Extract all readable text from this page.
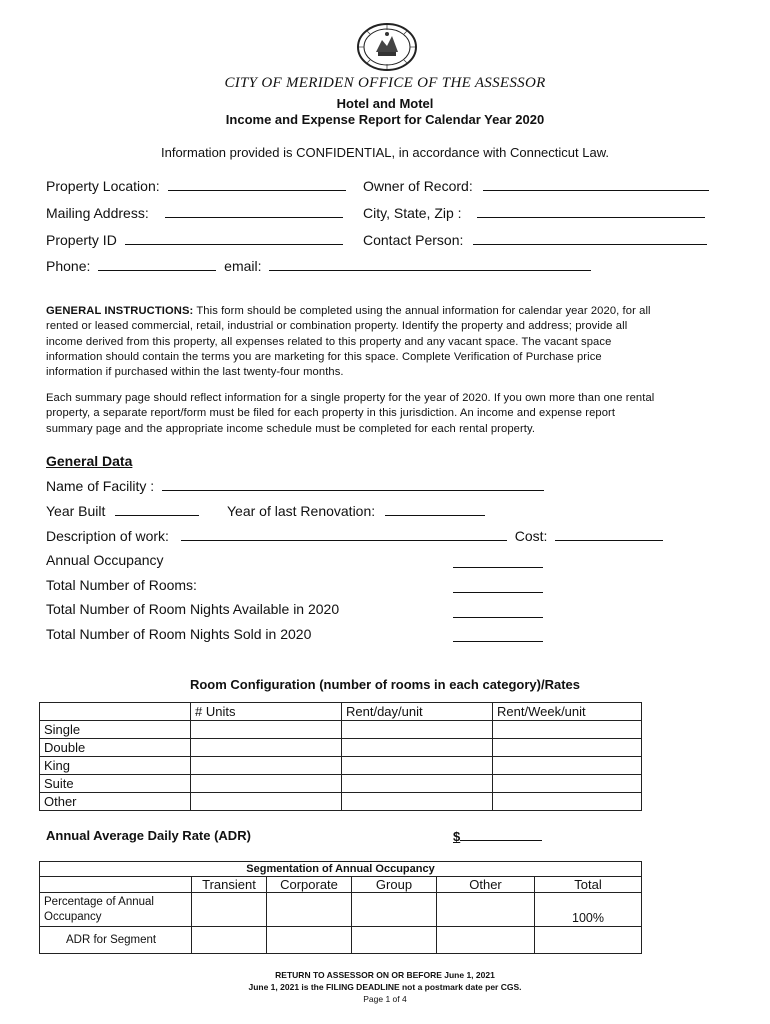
CITY OF MERIDEN OFFICE OF THE ASSESSOR
Hotel and Motel
Income and Expense Report for Calendar Year 2020
Information provided is CONFIDENTIAL, in accordance with Connecticut Law.
Property Location:	Owner of Record:
Mailing Address:	City, State, Zip :
Property ID	Contact Person:
Phone:	email:
GENERAL INSTRUCTIONS: This form should be completed using the annual information for calendar year 2020, for all
rented or leased commercial, retail, industrial or combination property. Identify the property and address; provide all
income derived from this property, all expenses related to this property and any vacant space. The vacant space
information should contain the terms you are marketing for this space. Complete Verification of Purchase price
information if purchased within the last twenty-four months.
Each summary page should reflect information for a single property for the year of 2020. If you own more than one rental
property, a separate report/form must be filed for each property in this jurisdiction. An income and expense report
summary page and the appropriate income schedule must be completed for each rental property.
General Data
Name of Facility :
Year Built	Year of last Renovation:
Description of work:	Cost:
Annual Occupancy
Total Number of Rooms:
Total Number of Room Nights Available in 2020
Total Number of Room Nights Sold in 2020
Room Configuration (number of rooms in each category)/Rates
	# Units	Rent/day/unit	Rent/Week/unit
Single			
Double			
King			
Suite			
Other			
Annual Average Daily Rate (ADR)	$
Segmentation of Annual Occupancy					
	Transient	Corporate	Group	Other	Total

Percentage of Annual
Occupancy					100%
ADR for Segment					
RETURN TO ASSESSOR ON OR BEFORE June 1, 2021
June 1, 2021 is the FILING DEADLINE not a postmark date per CGS.
Page 1 of 4
